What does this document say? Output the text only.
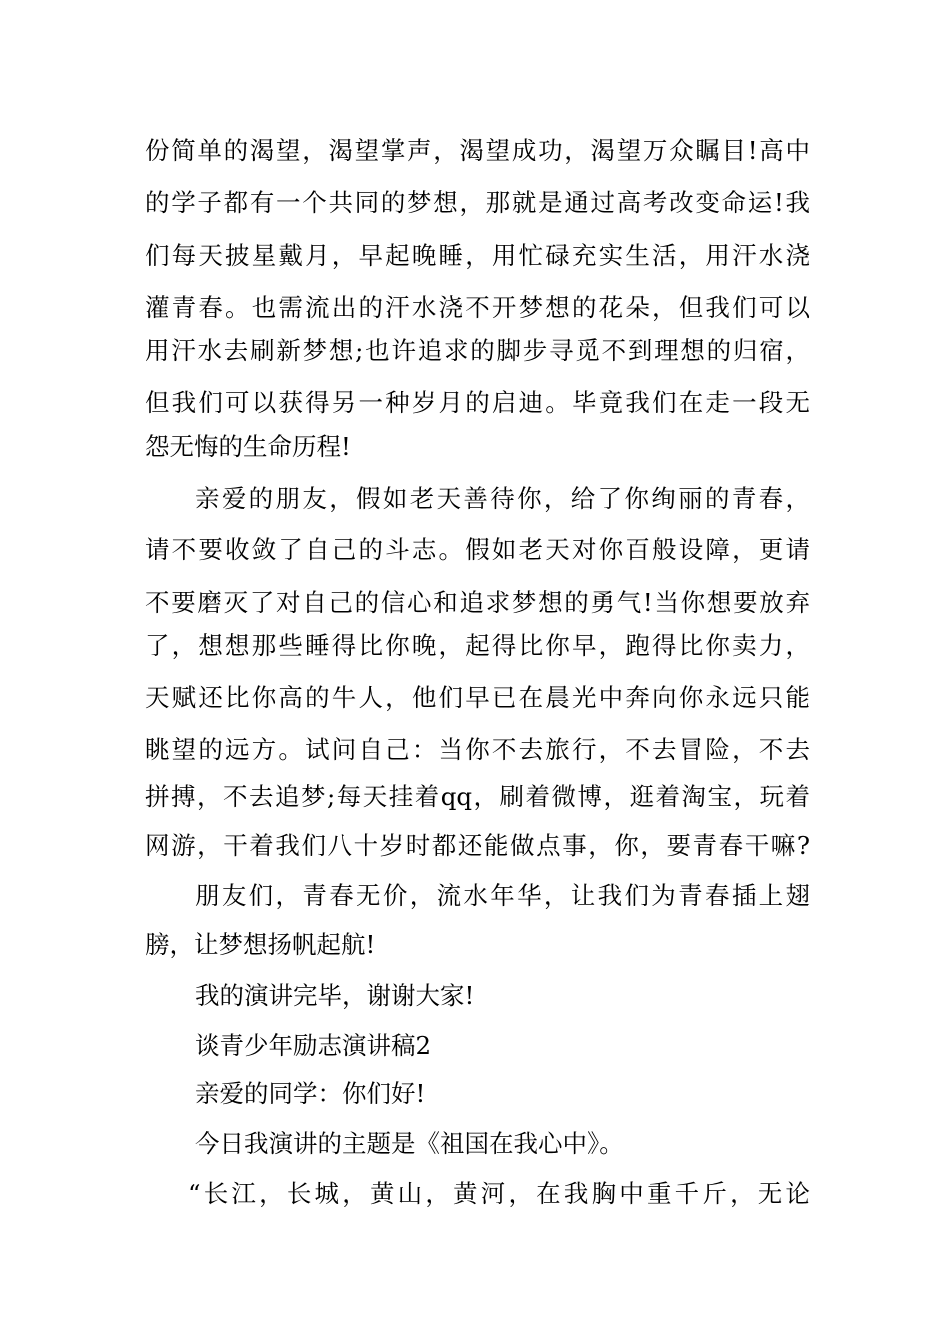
份简单的渴望，渴望掌声，渴望成功，渴望万众瞩目!高中
的学子都有一个共同的梦想，那就是通过高考改变命运!我
们每天披星戴月，早起晚睡，用忙碌充实生活，用汗水浇
灌青春。也需流出的汗水浇不开梦想的花朵，但我们可以
用汗水去刷新梦想;也许追求的脚步寻觅不到理想的归宿，
但我们可以获得另一种岁月的启迪。毕竟我们在走一段无
怨无悔的生命历程!
亲爱的朋友，假如老天善待你，给了你绚丽的青春，
请不要收敛了自己的斗志。假如老天对你百般设障，更请
不要磨灭了对自己的信心和追求梦想的勇气!当你想要放弃
了，想想那些睡得比你晚，起得比你早，跑得比你卖力，
天赋还比你高的牛人，他们早已在晨光中奔向你永远只能
眺望的远方。试问自己：当你不去旅行，不去冒险，不去
拼搏，不去追梦;每天挂着qq，刷着微博，逛着淘宝，玩着
网游，干着我们八十岁时都还能做点事，你，要青春干嘛?
朋友们，青春无价，流水年华，让我们为青春插上翅
膀，让梦想扬帆起航!
我的演讲完毕，谢谢大家!
谈青少年励志演讲稿2
亲爱的同学：你们好!
今日我演讲的主题是《祖国在我心中》。
“长江，长城，黄山，黄河，在我胸中重千斤，无论
